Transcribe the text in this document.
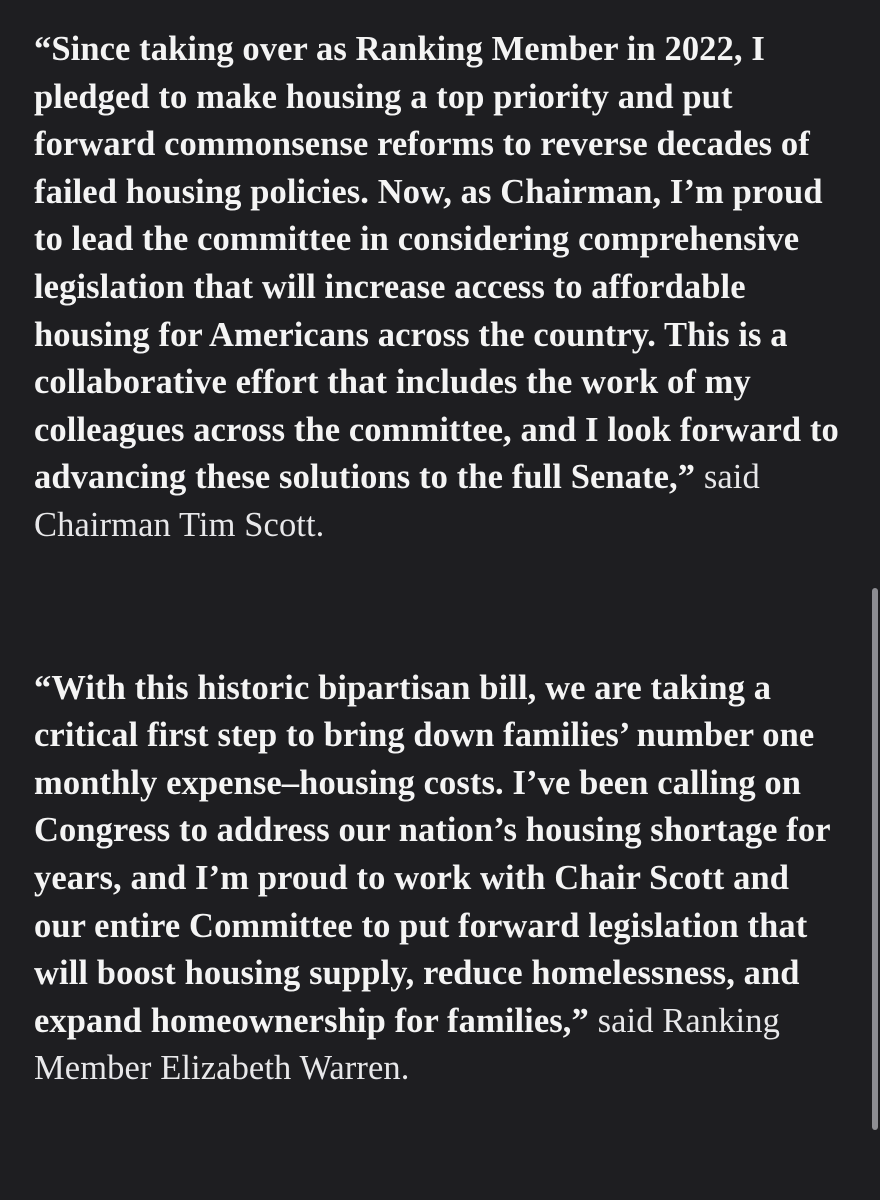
“Since taking over as Ranking Member in 2022, I pledged to make housing a top priority and put forward commonsense reforms to reverse decades of failed housing policies. Now, as Chairman, I’m proud to lead the committee in considering comprehensive legislation that will increase access to affordable housing for Americans across the country. This is a collaborative effort that includes the work of my colleagues across the committee, and I look forward to advancing these solutions to the full Senate,” said Chairman Tim Scott.

“With this historic bipartisan bill, we are taking a critical first step to bring down families’ number one monthly expense–housing costs. I’ve been calling on Congress to address our nation’s housing shortage for years, and I’m proud to work with Chair Scott and our entire Committee to put forward legislation that will boost housing supply, reduce homelessness, and expand homeownership for families,” said Ranking Member Elizabeth Warren.
